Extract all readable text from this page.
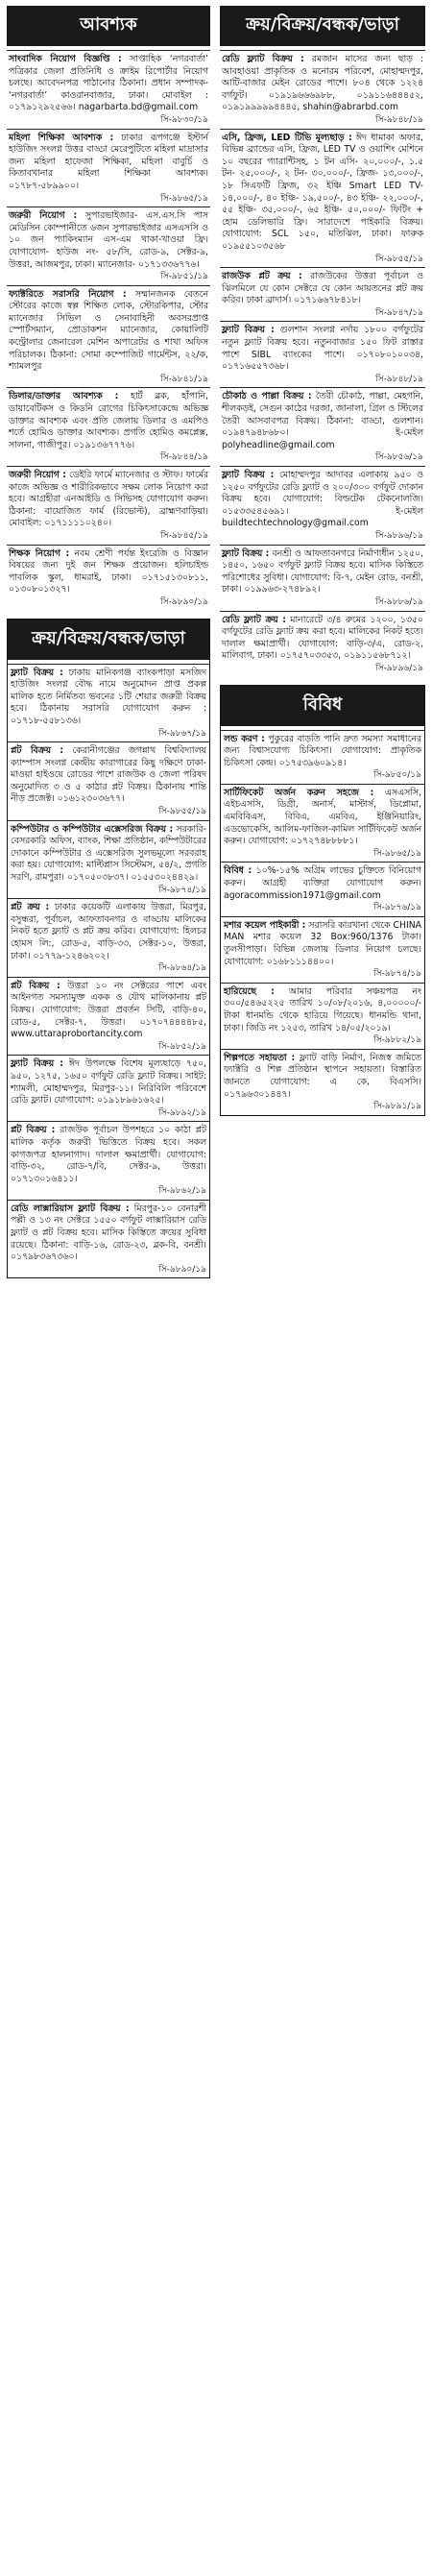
আবশ্যক
সাংবাদিক নিয়োগ বিজ্ঞপ্তি : সাপ্তাহিক ‘নগরবার্তা’ পত্রিকার জেলা প্রতিনিধি ও ক্রাইম রিপোর্টার নিয়োগ চলছে। আবেদনপত্র পাঠানোর ঠিকানা। প্রধান সম্পাদক- ‘নগরবার্তা’ কাওরানবাজার, ঢাকা। মোবাইল : ০১৭৯১২৯২৫৬৬। nagarbarta.bd@gmail.com
সি-৯৮৩০/১৯
মহিলা শিক্ষিকা আবশ্যক : ঢাকার রূপগঞ্জে ইস্টার্ন হাউজিং সংলগ্ন উত্তর বাড্ডা মেরেপুটিতে মহিলা মাদ্রাসার জন্য মহিলা হাফেজা শিক্ষিকা, মহিলা বাবুর্চি ও কিতাবখানার মহিলা শিক্ষিকা আবশ্যক। ০১৭৮৭-৫৮৯৯০০।
সি-৯৮৬৫/১৯
জরুরী নিয়োগ : সুপারভাইজার- এস.এস.সি পাস মেডিসিন কোম্পানীতে ৬জন সুপারভাইজার এসএসসি ও ১০ জন প্যাকিংম্যান এস-এম থাকা-খাওয়া ফ্রি। যোগাযোগ- হাউজ নং- ৫৮/সি, রোড-৯, সেক্টর-৯, উত্তরা, আজমপুর, ঢাকা। ম্যানেজার- ০১৭১৩৩৬৭৭৬।
সি-৯৮৫১/১৯
ফ্যাক্টরিতে সরাসরি নিয়োগ : সম্মানজনক বেতনে স্টোরের কাজে স্বল্প শিক্ষিত লোক, স্টোরকিপার, স্টোর ম্যানেজার সিভিল ও সেনাবাহিনী অবসরপ্রাপ্ত স্পোর্টসম্যান, প্রোডাকশন ম্যানেজার, কোয়ালিটি কন্ট্রোলার জেনারেল মেশিন অপারেটর ও শাখা অফিস পরিচালক। ঠিকানা: সোমা কম্পোজিট গার্মেন্টস, ২২/ক, শ্যামলপুর
সি-৯৮৪১/১৯
ডিলার/ডাক্তার আবশ্যক : হার্ট ব্লক, হাঁপানি, ডায়াবেটিকস ও কিডনি রোগের চিকিৎসাকেন্দ্রে অভিজ্ঞ ডাক্তার আবশ্যক এবং প্রতি জেলায় ডিলার ও এমপিও শর্তে হোমিও ডাক্তার আবশ্যক। প্রগতি হোমিও কমপ্লেক্স, সালনা, গাজীপুর। ০১৯১৩৬৭৭৭৬।
সি-৯৮৪৪/১৯
জরুরী নিয়োগ : ডেইরি ফার্মে ম্যানেজার ও স্টাফ। ফার্মের কাজে অভিজ্ঞ ও শারীরিকভাবে সক্ষম লোক নিয়োগ করা হবে। আগ্রহীরা এনআইডি ও সিভিসহ যোগাযোগ করুন। ঠিকানা: বায়োজিত ফার্ম (রিভোল্ট), ব্রাহ্মণবাড়িয়া। মোবাইল: ০১৭১১১১০২৪০।
সি-৯৮৪৫/১৯
শিক্ষক নিয়োগ : নবম শ্রেণী পর্যন্ত ইংরেজি ও বিজ্ঞান বিষয়ের জন্য দুই জন শিক্ষক প্রয়োজন। হলিচাইল্ড পাবলিক স্কুল, ধামরাই, ঢাকা। ০১৭১৫১৩০৮১১, ০১৩০৮০১৩২৭।
সি-৯৮৯০/১৯
ক্রয়/বিক্রয়/বন্ধক/ভাড়া
ফ্ল্যাট বিক্রয় : ঢাকায় মানিকগঞ্জ ব্যাংকপাড়া মসজিদ হাউজিং সংলগ্ন বৌদ্ধ নামে অনুমোদন প্রাপ্ত প্রকল্প মালিক হতে নির্মিতব্য ভবনের ১টি শেয়ার জরুরী বিক্রয় হবে। ঠিকানায় সরাসরি যোগাযোগ করুন : ০১৭১৮-৫৫৮১৩৬।
সি-৯৮৬৭/১৯
প্লট বিক্রয় : কেরানীগঞ্জের জগন্নাথ বিশ্ববিদ্যালয় ক্যাম্পাস সংলগ্ন কেন্দ্রীয় কারাগারের কিছু দক্ষিণে ঢাকা-মাওয়া হাইওয়ে রোডের পাশে রাজউক ও জেলা পরিষদ অনুমোদিত ৩ ও ৫ কাঠার প্লট বিক্রয়। ঠিকানায় শান্তি নীড় প্রজেক্ট। ০১৬১২৩০৩৬৭৭।
সি-৯৮৫৫/১৯
কম্পিউটার ও কম্পিউটার এক্সেসরিজ বিক্রয় : সরকারি-বেসরকারি অফিস, ব্যাংক, শিক্ষা প্রতিষ্ঠান, কম্পিউটারের দোকানে কম্পিউটার ও এক্সেসরিজ সুলভমূল্যে সরবরাহ করা হয়। যোগাযোগ: মাল্টিপ্লাস সিস্টেমস, ৫৪/২, প্রগতি সরণি, রামপুরা। ০১৭০৫০৩৮৩৭। ০১৫৫৩০২৪৪২৯।
সি-৯৮৭৪/১৯
প্লট ক্রয় : ঢাকার কয়েকটি এলাকায় উত্তরা, মিরপুর, বসুন্ধরা, পূর্বাচল, আফতাবনগর ও বাড্ডায় মালিকের নিকট হতে ফ্ল্যাট ও প্লট ক্রয় করিব। যোগাযোগ: হিলচর হোমস লি:, রোড-৫, বাড়ি-৩৩, সেক্টর-১০, উত্তরা, ঢাকা। ০১৭৭৯-১২৪৬২০২।
সি-৯৮৬৪/১৯
প্লট বিক্রয় : উত্তরা ১০ নং সেক্টরের পাশে এবং আইনগত সমস্যামুক্ত একক ও যৌথ মালিকানায় প্লট বিক্রয়। যোগাযোগ: উত্তরা প্রবর্তন সিটি, বাড়ি-৪০, রোড-৫, সেক্টর-৭, উত্তরা। ০১৭০৭৪৪৪৪৮৫, www.uttaraprobortancity.com
সি-৯৮৫২/১৯
ফ্ল্যাট বিক্রয় : ঈদ উপলক্ষে বিশেষ মূল্যছাড়ে ৭৫০, ৯৫০, ১২৭৫, ১৬৫০ বর্গফুট রেডি ফ্ল্যাট বিক্রয়। সাইট: শ্যামলী, মোহাম্মদপুর, মিরপুর-১১। নিরিবিলি পরিবেশে রেডি ফ্ল্যাট। যোগাযোগ: ০১৯১৮৯৬১৬২৫।
সি-৯৮৯২/১৯
প্লট বিক্রয় : রাজউক পূর্বাচল উপশহরে ১০ কাঠা প্লট মালিক কর্তৃক জরুরী ভিত্তিতে বিক্রয় হবে। সকল কাগজপত্র হালনাগাদ। দালাল ক্ষমাপ্রার্থী। যোগাযোগ: বাড়ি-৩২, রোড-৭/বি, সেক্টর-৯, উত্তরা। ০১৭১৩০১৬৪১১।
সি-৯৮৬২/১৯
রেডি লাক্সারিয়াস ফ্ল্যাট বিক্রয় : মিরপুর-১০ বেনারশী পল্লী ও ১৩ নং সেক্টরে ১৫৫০ বর্গফুট লাক্সারিয়াস রেডি ফ্ল্যাট ও প্লট বিক্রয় হবে। মাসিক কিস্তিতে ক্রয়ের সুবিধা রয়েছে। ঠিকানা: বাড়ি-১৬, রোড-২৩, ব্লক-বি, বনশ্রী। ০১৭৯৮৩৬৭৩৬০।
সি-৯৮৯০/১৯
ক্রয়/বিক্রয়/বন্ধক/ভাড়া
রেডি ফ্ল্যাট বিক্রয় : রমজান মাসের জন্য ছাড় : আবহাওয়া প্রাকৃতিক ও মনোরম পরিবেশ, মোহাম্মদপুর, আটি-বাজার মেইন রোডের পাশে। ৮০৪ থেকে ১২২৪ বর্গফুট। ০১৯১৯৬৬৬৯৮৮, ০১৯১১৬৪৪৪৫২, ০১৯১৯৯৯৯৯৪৪৪৫, shahin@abrarbd.com
সি-৯৮৪৮/১৯
এসি, ফ্রিজ, LED টিভি মূল্যছাড় : ঈদ ধামাকা অফার, বিভিন্ন ব্র্যান্ডের এসি, ফ্রিজ, LED TV ও ওয়াশিং মেশিনে ১০ বছরের গ্যারান্টিসহ, ১ টন এসি- ২০,০০০/-, ১.৫ টন- ২৫,০০০/-, ২ টন- ৩০,০০০/-, ফ্রিজ- ১৩,০০০/-, ১৮ সিএফটি ফ্রিজ, ৩২ ইঞ্চি Smart LED TV- ১৪,০০০/-, ৪০ ইঞ্চি- ১৯,৫০০/-, ৪৩ ইঞ্চি- ২২,০০০/-, ৫৫ ইঞ্চি- ৩৫,০০০/-, ৬৫ ইঞ্চি- ৫০,০০০/- ফিটিং + হোম ডেলিভারি ফ্রি। সারাদেশে পাইকারি বিক্রয়। যোগাযোগ: SCL ১৫০, মতিঝিল, ঢাকা। ফারুক ০১৯৫৫১০৩৫৬৮
সি-৯৮৫৫/১৯
রাজউক প্লট ক্রয় : রাজউকের উত্তরা পূর্বাচল ও ঝিলমিলে যে কোন সেক্টরে যে কোন আয়তনের প্লট ক্রয় করিব। ঢাকা ব্রাদার্স। ০১৭১৬৬৭৮৪১৮।
সি-৯৮৪৭/১৯
ফ্ল্যাট বিক্রয় : গুলশান সংলগ্ন নর্দায় ১৮০০ বর্গফুটের নতুন ফ্ল্যাট বিক্রয় হবে। নতুনবাজার ১৫০ ফিট রাস্তার পাশে SIBL ব্যাংকের পাশে। ০১৭০৮০১০০৩৪, ০১৭১৬৫৫৭৩৬৮।
সি-৯৮৪৮/১৯
চৌকাঠ ও পাল্লা বিক্রয় : তৈরী চৌকাঠ, পাল্লা, মেহগনি, শীলকড়ই, সেগুন কাঠের দরজা, জানালা, গ্রিল ও স্টিলের তৈরী আসবাবপত্র বিক্রয়। ঠিকানা: বাড্ডা, গুলশান। ০১৯৪৭৯৪৮৬৮০। ই-মেইল polyheadline@gmail.com
সি-৯৮৫৬/১৯
ফ্ল্যাট বিক্রয় : মোহাম্মদপুর আদাবর এলাকায় ৯৫০ ও ১২৫০ বর্গফুটের রেডি ফ্ল্যাট ও ২০০/৩০০ বর্গফুট দোকান বিক্রয় হবে। যোগাযোগ: বিল্ডটেক টেকনোলজি। ০১৫৩৩৫৪৫৬৯১। ই-মেইল buildtechtechnology@gmail.com
সি-৯৮৯৬/১৯
ফ্ল্যাট বিক্রয় : বনশ্রী ও আফতাবনগরে নির্মাণাধীন ১২৫০, ১৪৫০, ১৬৫০ বর্গফুট ফ্ল্যাট বিক্রয় হবে। মাসিক কিস্তিতে পরিশোধের সুবিধা। যোগাযোগ: বি-৭, মেইন রোড, বনশ্রী, ঢাকা। ০১৯৯৬৩-২৭৪৮৯২।
সি-৯৮৮৬/১৯
রেডি ফ্ল্যাট ক্রয় : মানারেটে ৩/৪ রুমের ১২০০, ১৩৫০ বর্গফুটের রেডি ফ্ল্যাট ক্রয় করা হবে। মালিকের নিকট হতে। দালাল ক্ষমাপ্রার্থী। যোগাযোগ: বাড়ি-৩/এ, রোড-২, মালিবাগ, ঢাকা। ০১৭৫৭০৩৩৫৩, ০১৯১১৫৬৮৭১২।
সি-৯৮৯৬/১৯
বিবিধ
লন্ড করণ : পুকুরের বাড়তি পানি দ্রুত সমস্যা সমাধানের জন্য বিশ্বাসযোগ্য চিকিৎসা। যোগাযোগ: প্রাকৃতিক চিকিৎসা কেন্দ্র। ০১৭৫৩৯৬০৯১৪।
সি-৯৮৫০/১৯
সার্টিফিকেট অর্জন করুন সহজে : এসএসসি, এইচএসসি, ডিগ্রী, অনার্স, মাস্টার্স, ডিপ্লোমা, এমবিবিএস, বিবিএ, এমবিএ, ইঞ্জিনিয়ারিং, এডভোকেসি, আলিম-ফাজিল-কামিল সার্টিফিকেট অর্জন করুন। যোগাযোগ: ০১৭২৭৪৮৮৮৮১।
সি-৯৮৬৫/১৯
বিবিধ : ১০%-১৫% অগ্রিম লাভের চুক্তিতে বিনিয়োগ করুন। আগ্রহী ব্যক্তিরা যোগাযোগ করুন। agoracommission1971@gmail.com
সি-৯৮৭৬/১৯
মশার কয়েল পাইকারী : সরাসরি কারখানা থেকে CHINA MAN মশার কয়েল 32 Box:960/1376 টাকা। তুলসীপাড়া। বিভিন্ন জেলায় ডিলার নিয়োগ চলছে। যোগাযোগ: ০১৬৮১১১৪৪০০।
সি-৯৮৭৪/১৯
হারিয়েছে : আমার পরিবার সঞ্চয়পত্র নং ৩০০/৫৪৬৫২২৫ তারিখ ১০/০৮/২০১৬, ৪,০০০০০/- টাকা ধানমন্ডি থেকে হারিয়ে গিয়েছে। ধানমন্ডি থানা, ঢাকা। জিডি নং ১২৫৩, তারিখ ১৪/০৫/২০১৯।
সি-৯৮৮২/১৯
শিল্পপতে সহায়তা : ফ্ল্যাট বাড়ি নির্মাণ, নিজস্ব জমিতে ফ্যাক্টরি ও শিল্প প্রতিষ্ঠান স্থাপনে সহায়তা। বিস্তারিত জানতে যোগাযোগ: এ কে, বিএসসি। ০১৭৯৬৩০১৪৪৭।
সি-৯৮৯১/১৯
